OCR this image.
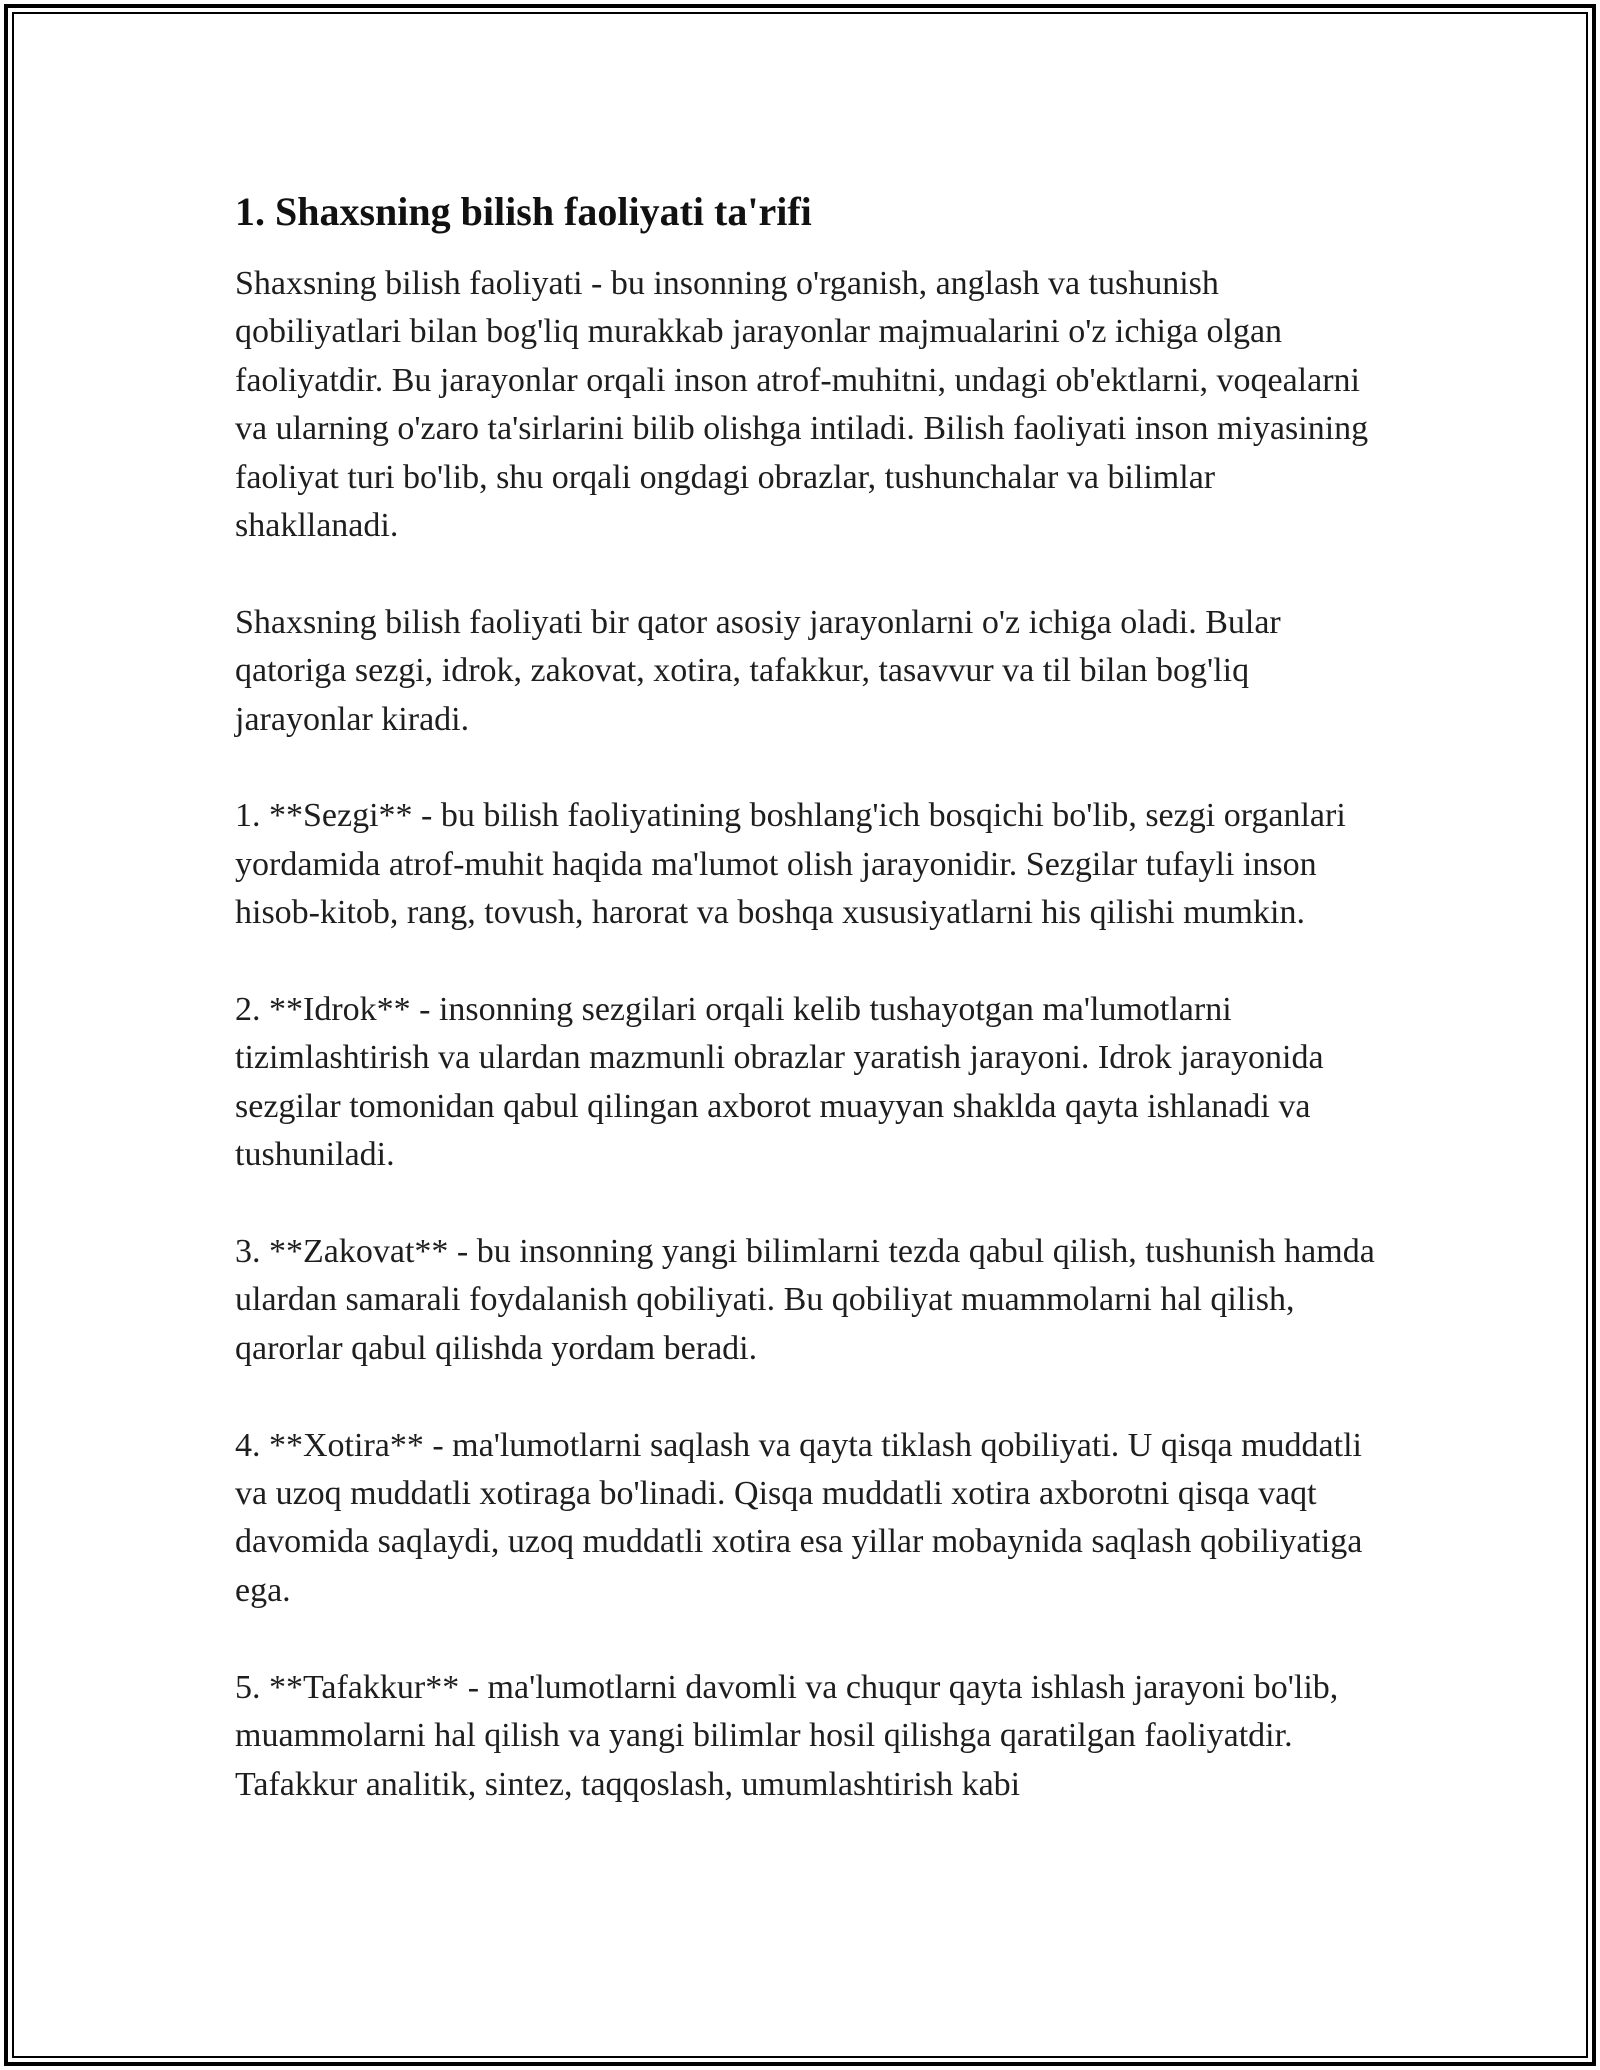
1. Shaxsning bilish faoliyati ta'rifi

Shaxsning bilish faoliyati - bu insonning o'rganish, anglash va tushunish qobiliyatlari bilan bog'liq murakkab jarayonlar majmualarini o'z ichiga olgan faoliyatdir. Bu jarayonlar orqali inson atrof-muhitni, undagi ob'ektlarni, voqealarni va ularning o'zaro ta'sirlarini bilib olishga intiladi. Bilish faoliyati inson miyasining faoliyat turi bo'lib, shu orqali ongdagi obrazlar, tushunchalar va bilimlar shakllanadi.

Shaxsning bilish faoliyati bir qator asosiy jarayonlarni o'z ichiga oladi. Bular qatoriga sezgi, idrok, zakovat, xotira, tafakkur, tasavvur va til bilan bog'liq jarayonlar kiradi.

1. **Sezgi** - bu bilish faoliyatining boshlang'ich bosqichi bo'lib, sezgi organlari yordamida atrof-muhit haqida ma'lumot olish jarayonidir. Sezgilar tufayli inson hisob-kitob, rang, tovush, harorat va boshqa xususiyatlarni his qilishi mumkin.

2. **Idrok** - insonning sezgilari orqali kelib tushayotgan ma'lumotlarni tizimlashtirish va ulardan mazmunli obrazlar yaratish jarayoni. Idrok jarayonida sezgilar tomonidan qabul qilingan axborot muayyan shaklda qayta ishlanadi va tushuniladi.

3. **Zakovat** - bu insonning yangi bilimlarni tezda qabul qilish, tushunish hamda ulardan samarali foydalanish qobiliyati. Bu qobiliyat muammolarni hal qilish, qarorlar qabul qilishda yordam beradi.

4. **Xotira** - ma'lumotlarni saqlash va qayta tiklash qobiliyati. U qisqa muddatli va uzoq muddatli xotiraga bo'linadi. Qisqa muddatli xotira axborotni qisqa vaqt davomida saqlaydi, uzoq muddatli xotira esa yillar mobaynida saqlash qobiliyatiga ega.

5. **Tafakkur** - ma'lumotlarni davomli va chuqur qayta ishlash jarayoni bo'lib, muammolarni hal qilish va yangi bilimlar hosil qilishga qaratilgan faoliyatdir. Tafakkur analitik, sintez, taqqoslash, umumlashtirish kabi
